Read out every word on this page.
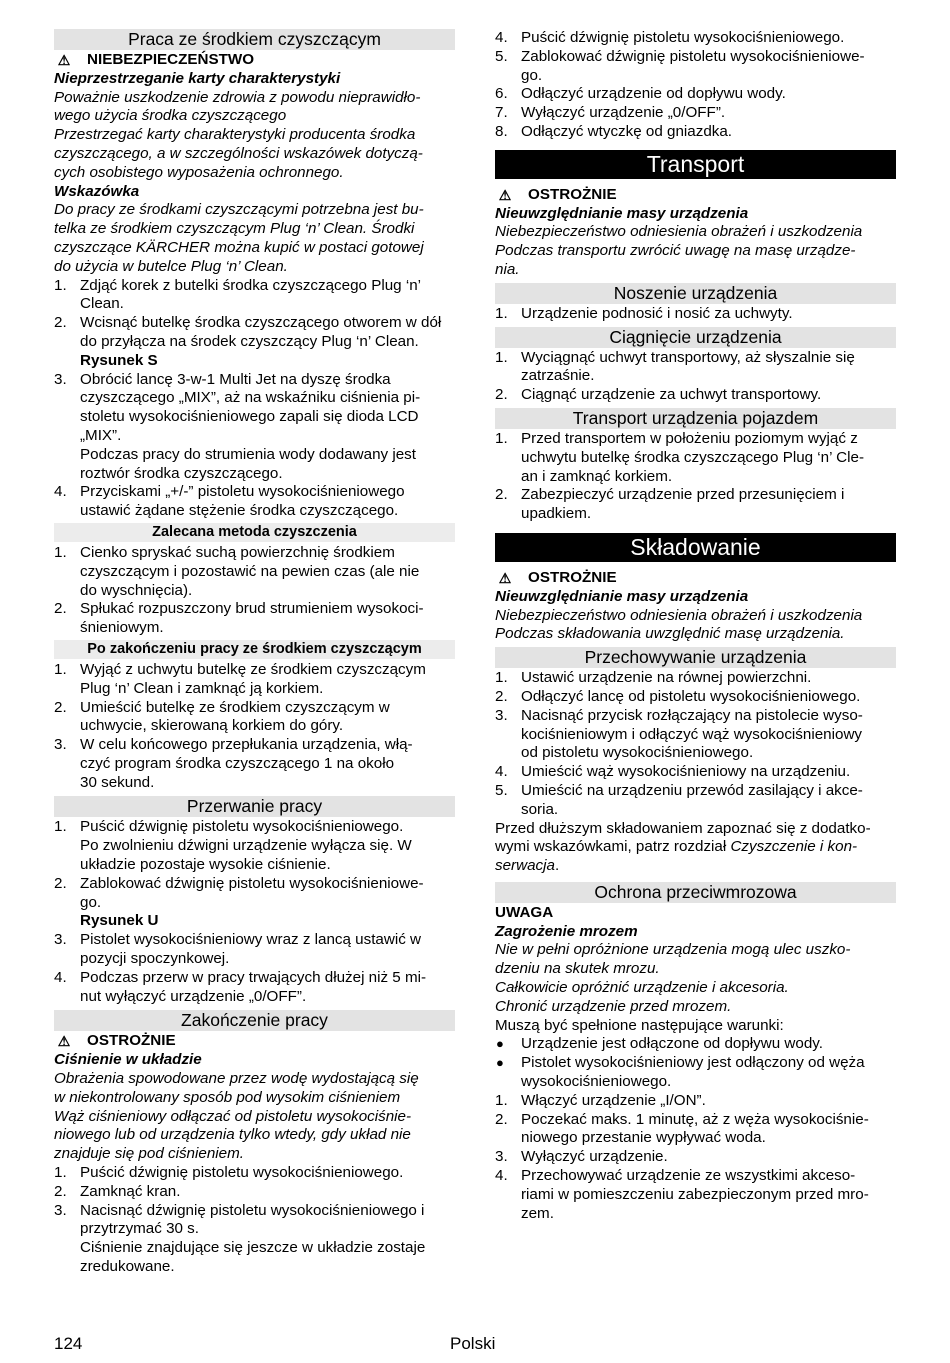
Praca ze środkiem czyszczącym
⚠ NIEBEZPIECZEŃSTWO
Nieprzestrzeganie karty charakterystyki
Poważnie uszkodzenie zdrowia z powodu nieprawidło-
wego użycia środka czyszczącego
Przestrzegać karty charakterystyki producenta środka
czyszczącego, a w szczególności wskazówek dotyczą-
cych osobistego wyposażenia ochronnego.
Wskazówka
Do pracy ze środkami czyszczącymi potrzebna jest bu-
telka ze środkiem czyszczącym Plug ‘n’ Clean. Środki
czyszczące KÄRCHER można kupić w postaci gotowej
do użycia w butelce Plug ‘n’ Clean.
1. Zdjąć korek z butelki środka czyszczącego Plug ‘n’
Clean.
2. Wcisnąć butelkę środka czyszczącego otworem w dół
do przyłącza na środek czyszczący Plug ‘n’ Clean.
Rysunek S
3. Obrócić lancę 3-w-1 Multi Jet na dyszę środka
czyszczącego „MIX”, aż na wskaźniku ciśnienia pi-
stoletu wysokociśnieniowego zapali się dioda LCD
„MIX”.
Podczas pracy do strumienia wody dodawany jest
roztwór środka czyszczącego.
4. Przyciskami „+/-” pistoletu wysokociśnieniowego
ustawić żądane stężenie środka czyszczącego.
Zalecana metoda czyszczenia
1. Cienko spryskać suchą powierzchnię środkiem
czyszczącym i pozostawić na pewien czas (ale nie
do wyschnięcia).
2. Spłukać rozpuszczony brud strumieniem wysokoci-
śnieniowym.
Po zakończeniu pracy ze środkiem czyszczącym
1. Wyjąć z uchwytu butelkę ze środkiem czyszczącym
Plug ‘n’ Clean i zamknąć ją korkiem.
2. Umieścić butelkę ze środkiem czyszczącym w
uchwycie, skierowaną korkiem do góry.
3. W celu końcowego przepłukania urządzenia, włą-
czyć program środka czyszczącego 1 na około
30 sekund.
Przerwanie pracy
1. Puścić dźwignię pistoletu wysokociśnieniowego.
Po zwolnieniu dźwigni urządzenie wyłącza się. W
układzie pozostaje wysokie ciśnienie.
2. Zablokować dźwignię pistoletu wysokociśnieniowe-
go.
Rysunek U
3. Pistolet wysokociśnieniowy wraz z lancą ustawić w
pozycji spoczynkowej.
4. Podczas przerw w pracy trwających dłużej niż 5 mi-
nut wyłączyć urządzenie „0/OFF”.
Zakończenie pracy
⚠ OSTROŻNIE
Ciśnienie w układzie
Obrażenia spowodowane przez wodę wydostającą się
w niekontrolowany sposób pod wysokim ciśnieniem
Wąż ciśnieniowy odłączać od pistoletu wysokociśnie-
niowego lub od urządzenia tylko wtedy, gdy układ nie
znajduje się pod ciśnieniem.
1. Puścić dźwignię pistoletu wysokociśnieniowego.
2. Zamknąć kran.
3. Nacisnąć dźwignię pistoletu wysokociśnieniowego i
przytrzymać 30 s.
Ciśnienie znajdujące się jeszcze w układzie zostaje
zredukowane.
4. Puścić dźwignię pistoletu wysokociśnieniowego.
5. Zablokować dźwignię pistoletu wysokociśnieniowe-
go.
6. Odłączyć urządzenie od dopływu wody.
7. Wyłączyć urządzenie „0/OFF”.
8. Odłączyć wtyczkę od gniazdka.
Transport
⚠ OSTROŻNIE
Nieuwzględnianie masy urządzenia
Niebezpieczeństwo odniesienia obrażeń i uszkodzenia
Podczas transportu zwrócić uwagę na masę urządze-
nia.
Noszenie urządzenia
1. Urządzenie podnosić i nosić za uchwyty.
Ciągnięcie urządzenia
1. Wyciągnąć uchwyt transportowy, aż słyszalnie się
zatrzaśnie.
2. Ciągnąć urządzenie za uchwyt transportowy.
Transport urządzenia pojazdem
1. Przed transportem w położeniu poziomym wyjąć z
uchwytu butelkę środka czyszczącego Plug ‘n’ Cle-
an i zamknąć korkiem.
2. Zabezpieczyć urządzenie przed przesunięciem i
upadkiem.
Składowanie
⚠ OSTROŻNIE
Nieuwzględnianie masy urządzenia
Niebezpieczeństwo odniesienia obrażeń i uszkodzenia
Podczas składowania uwzględnić masę urządzenia.
Przechowywanie urządzenia
1. Ustawić urządzenie na równej powierzchni.
2. Odłączyć lancę od pistoletu wysokociśnieniowego.
3. Nacisnąć przycisk rozłączający na pistolecie wyso-
kociśnieniowym i odłączyć wąż wysokociśnieniowy
od pistoletu wysokociśnieniowego.
4. Umieścić wąż wysokociśnieniowy na urządzeniu.
5. Umieścić na urządzeniu przewód zasilający i akce-
soria.
Przed dłuższym składowaniem zapoznać się z dodatko-
wymi wskazówkami, patrz rozdział Czyszczenie i kon-
serwacja.
Ochrona przeciwmrozowa
UWAGA
Zagrożenie mrozem
Nie w pełni opróżnione urządzenia mogą ulec uszko-
dzeniu na skutek mrozu.
Całkowicie opróżnić urządzenie i akcesoria.
Chronić urządzenie przed mrozem.
Muszą być spełnione następujące warunki:
●	Urządzenie jest odłączone od dopływu wody.
●	Pistolet wysokociśnieniowy jest odłączony od węża
wysokociśnieniowego.
1. Włączyć urządzenie „I/ON”.
2. Poczekać maks. 1 minutę, aż z węża wysokociśnie-
niowego przestanie wypływać woda.
3. Wyłączyć urządzenie.
4. Przechowywać urządzenie ze wszystkimi akceso-
riami w pomieszczeniu zabezpieczonym przed mro-
zem.
124	Polski
